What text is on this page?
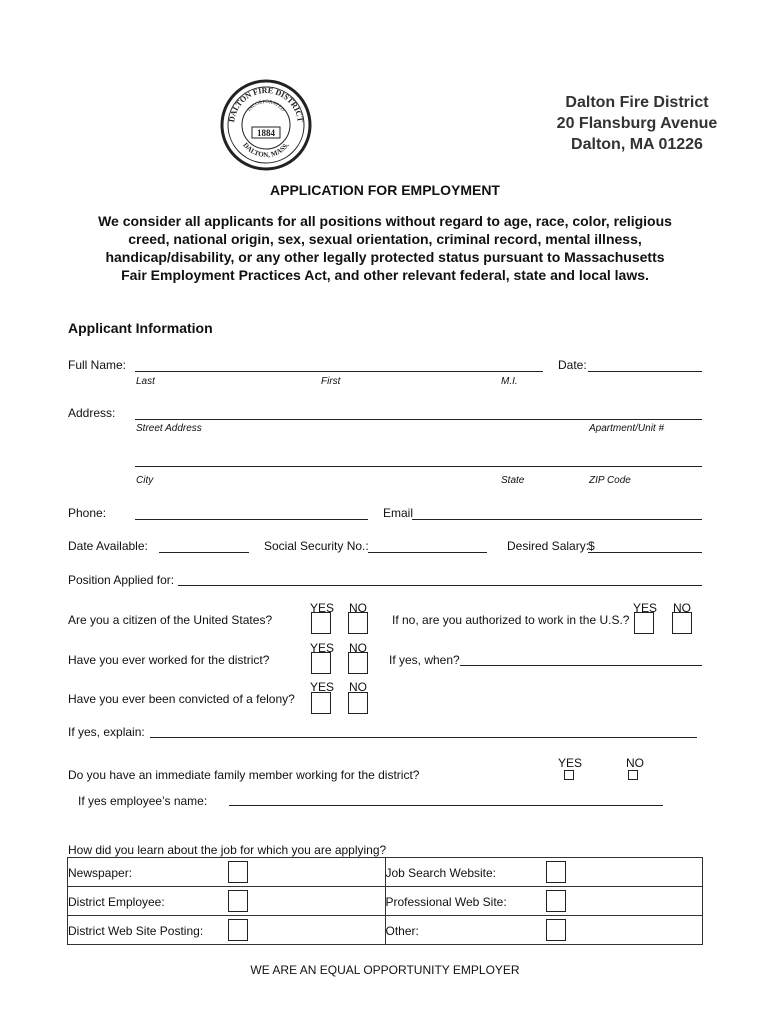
DALTON FIRE DISTRICT
DALTON, MASS.
INCORPORATED
1884
Dalton Fire District
20 Flansburg Avenue
Dalton, MA 01226
APPLICATION FOR EMPLOYMENT
We consider all applicants for all positions without regard to age, race, color, religious
creed, national origin, sex, sexual orientation, criminal record, mental illness,
handicap/disability, or any other legally protected status pursuant to Massachusetts
Fair Employment Practices Act, and other relevant federal, state and local laws.
Applicant Information
Full Name:	Date:
Last	First	M.I.
Address:
Street Address	Apartment/Unit #
City	State	ZIP Code
Phone:	Email
Date Available:	Social Security No.:	Desired Salary:
$
Position Applied for:
YES NO
Are you a citizen of the United States?
YES NO
If no, are you authorized to work in the U.S.?
YES NO
Have you ever worked for the district?	If yes, when?
YES NO
Have you ever been convicted of a felony?
If yes, explain:
YES	NO
Do you have an immediate family member working for the district?
If yes employee’s name:
How did you learn about the job for which you are applying?
Newspaper:	Job Search Website:

District Employee:	Professional Web Site:

District Web Site Posting:	Other:
WE ARE AN EQUAL OPPORTUNITY EMPLOYER
